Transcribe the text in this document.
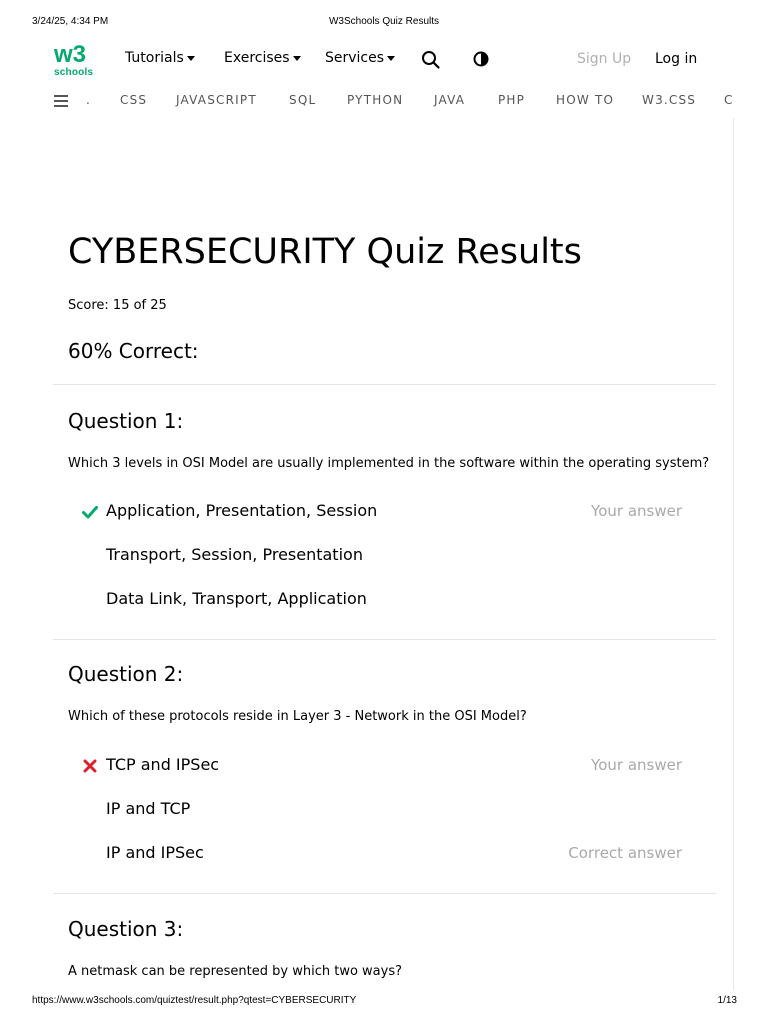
3/24/25, 4:34 PM	W3Schools Quiz Results
w3
schools
Tutorials	Exercises	Services	Sign Up Log in
. CSS JAVASCRIPT	SQL	PYTHON	JAVA	PHP	HOW TO W3.CSS C
CYBERSECURITY Quiz Results
Score: 15 of 25
60% Correct:
Question 1:
Which 3 levels in OSI Model are usually implemented in the software within the operating system?
Application, Presentation, Session	Your answer
Transport, Session, Presentation
Data Link, Transport, Application
Question 2:
Which of these protocols reside in Layer 3 - Network in the OSI Model?
TCP and IPSec	Your answer
IP and TCP
IP and IPSec	Correct answer
Question 3:
A netmask can be represented by which two ways?
https://www.w3schools.com/quiztest/result.php?qtest=CYBERSECURITY	1/13
